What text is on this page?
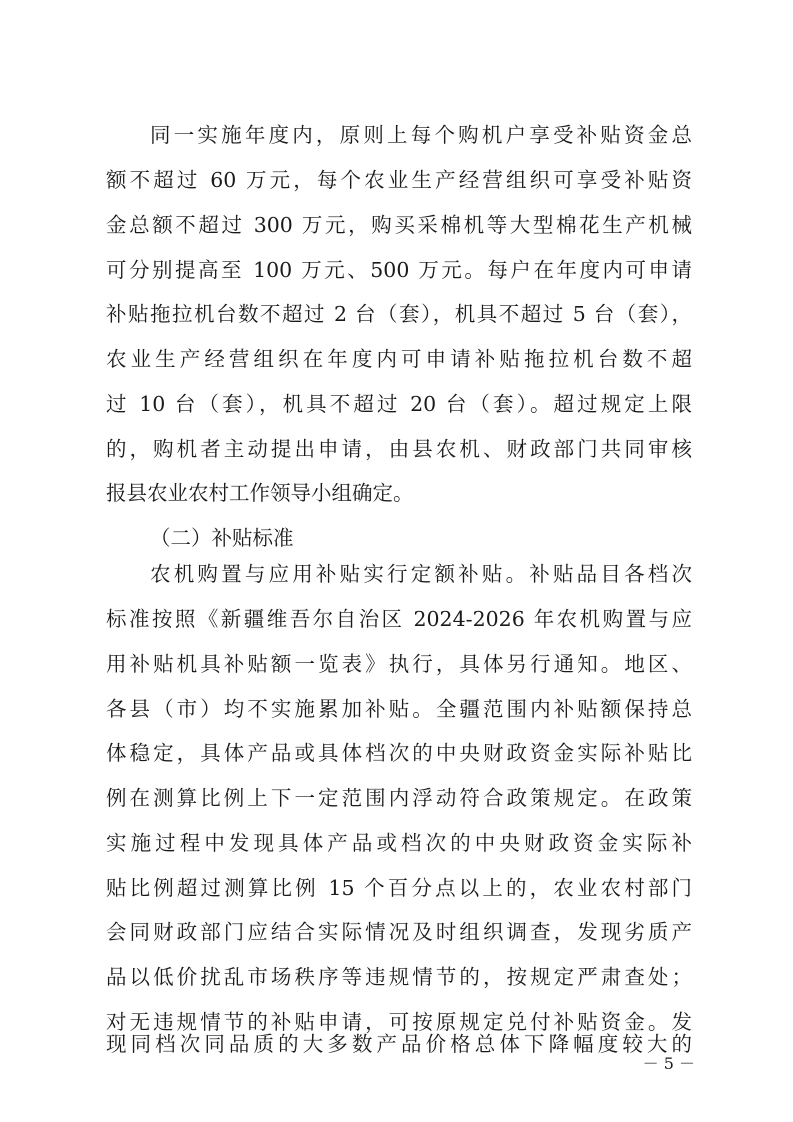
同一实施年度内，原则上每个购机户享受补贴资金总
额不超过 60 万元，每个农业生产经营组织可享受补贴资
金总额不超过 300 万元，购买采棉机等大型棉花生产机械
可分别提高至 100 万元、500 万元。每户在年度内可申请
补贴拖拉机台数不超过 2 台（套），机具不超过 5 台（套），
农业生产经营组织在年度内可申请补贴拖拉机台数不超
过 10 台（套），机具不超过 20 台（套）。超过规定上限
的，购机者主动提出申请，由县农机、财政部门共同审核
报县农业农村工作领导小组确定。
（二）补贴标准
农机购置与应用补贴实行定额补贴。补贴品目各档次
标准按照《新疆维吾尔自治区 2024-2026 年农机购置与应
用补贴机具补贴额一览表》执行，具体另行通知。地区、
各县（市）均不实施累加补贴。全疆范围内补贴额保持总
体稳定，具体产品或具体档次的中央财政资金实际补贴比
例在测算比例上下一定范围内浮动符合政策规定。在政策
实施过程中发现具体产品或档次的中央财政资金实际补
贴比例超过测算比例 15 个百分点以上的，农业农村部门
会同财政部门应结合实际情况及时组织调查，发现劣质产
品以低价扰乱市场秩序等违规情节的，按规定严肃查处；
对无违规情节的补贴申请，可按原规定兑付补贴资金。发
－ 5 －
现同档次同品质的大多数产品价格总体下降幅度较大的
